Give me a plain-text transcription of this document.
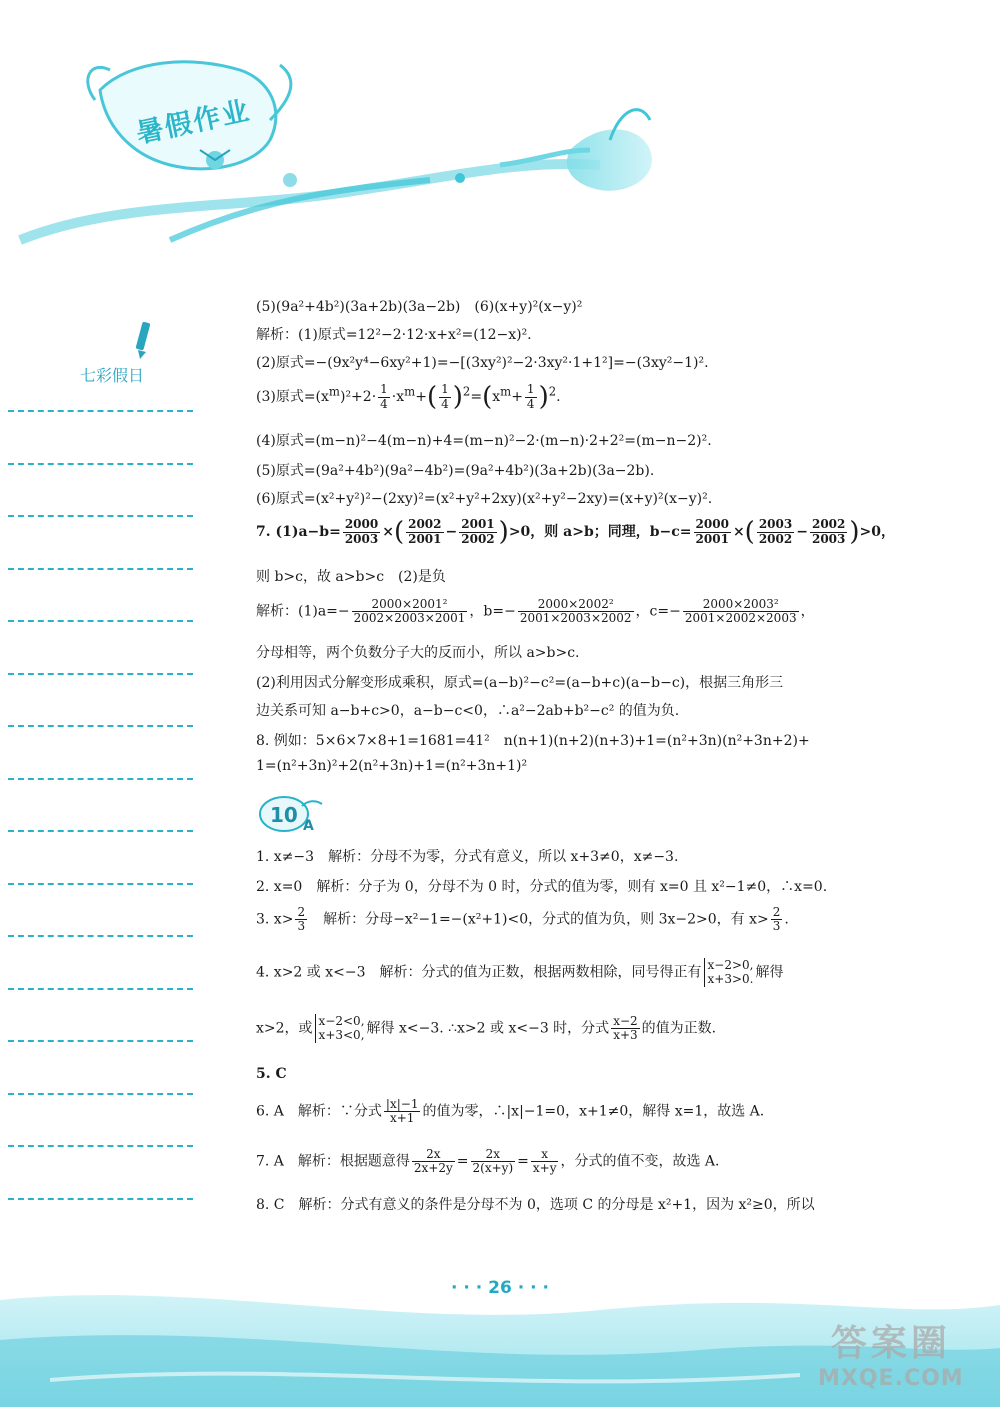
暑假作业
七彩假日
(5)(9a²+4b²)(3a+2b)(3a−2b)　(6)(x+y)²(x−y)²
解析：(1)原式=12²−2·12·x+x²=(12−x)².
(2)原式=−(9x²y⁴−6xy²+1)=−[(3xy²)²−2·3xy²·1+1²]=−(3xy²−1)².
(3)原式$=(x^m)^2+2\cdot \frac{1}{4} \cdot x^m+( \frac{1}{4} )^2=(x^m+ \frac{1}{4} )^2$.
(4)原式=(m−n)²−4(m−n)+4=(m−n)²−2·(m−n)·2+2²=(m−n−2)².
(5)原式=(9a²+4b²)(9a²−4b²)=(9a²+4b²)(3a+2b)(3a−2b).
(6)原式=(x²+y²)²−(2xy)²=(x²+y²+2xy)(x²+y²−2xy)=(x+y)²(x−y)².
7. $(1)a-b= \frac{2000}{2003}$ ×( $\frac{2002}{2001} - \frac{2001}{2002} )>0$，则 a>b；同理，$b-c= \frac{2000}{2001}$ ×( $\frac{2003}{2002} - \frac{2002}{2003} )>0$，
则 b>c，故 a>b>c　(2)是负
解析：$(1)a=- \frac{\text{2000×2001²}}{2002\times 2003\times 2001}$ ，$b=- \frac{\text{2000×2002²}}{2001\times 2003\times 2002}$ ，$c=- \frac{\text{2000×2003²}}{2001\times 2002\times 2003}$ ，
分母相等，两个负数分子大的反而小，所以 a>b>c.
(2)利用因式分解变形成乘积，原式=(a−b)²−c²=(a−b+c)(a−b−c)，根据三角形三
边关系可知 a−b+c>0，a−b−c<0，∴a²−2ab+b²−c² 的值为负.
8. 例如：5×6×7×8+1=1681=41²　n(n+1)(n+2)(n+3)+1=(n²+3n)(n²+3n+2)+
1=(n²+3n)²+2(n²+3n)+1=(n²+3n+1)²
10 A
1. x≠−3　解析：分母不为零，分式有意义，所以 x+3≠0，x≠−3.
2. x=0　解析：分子为 0，分母不为 0 时，分式的值为零，则有 x=0 且 x²−1≠0，∴x=0.
3. $x> \frac{2}{3}$ 　解析：分母−x²−1=−(x²+1)<0，分式的值为负，则 3x−2>0，有 $x> \frac{2}{3}$ .
4. x>2 或 x<−3　解析：分式的值为正数，根据两数相除，同号得正有 x−2>0,
x+3>0. 解得
x>2，或 x−2<0,
x+3<0, 解得 x<−3. ∴x>2 或 x<−3 时，分式 $\frac{x-2}{x+3}$ 的值为正数.
5. C
6. A　解析：∵分式 $\frac{|x|-1}{x+1}$ 的值为零，∴|x|−1=0，x+1≠0，解得 x=1，故选 A.
7. A　解析：根据题意得 $\frac{2x}{2x+2y} = \frac{2x}{2(x+y)} = \frac{x}{x+y}$ ，分式的值不变，故选 A.
8. C　解析：分式有意义的条件是分母不为 0，选项 C 的分母是 x²+1，因为 x²≥0，所以
· · · 26 · · ·
答案圈
MXQE.COM
